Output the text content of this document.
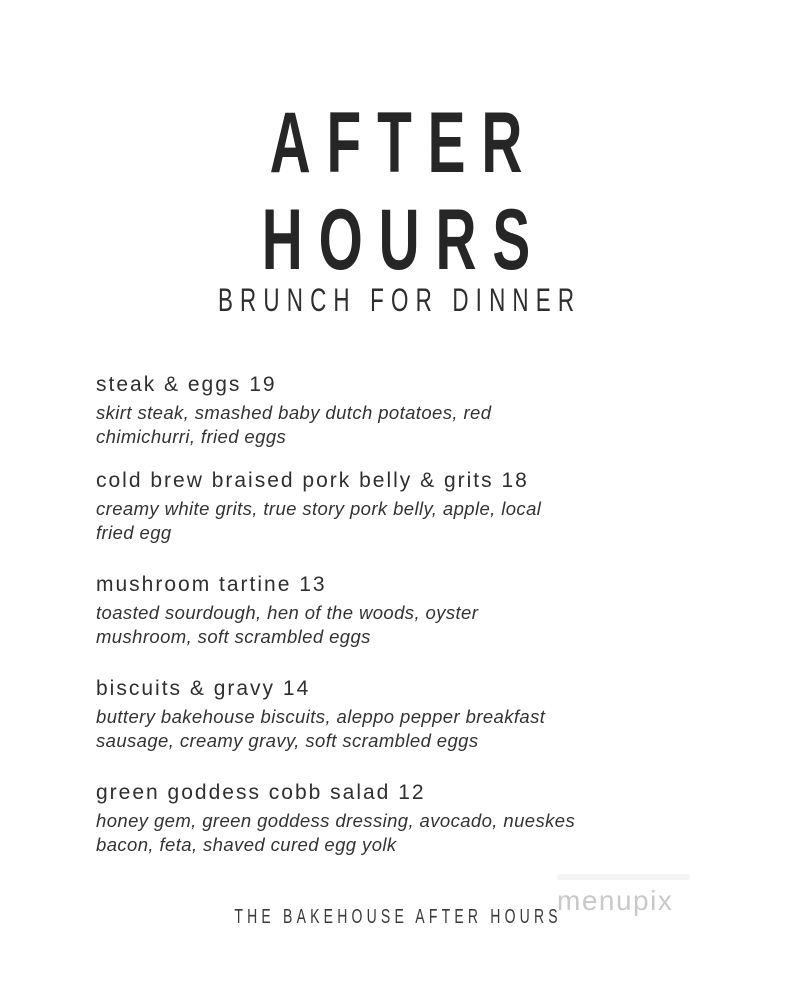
AFTER
HOURS
BRUNCH FOR DINNER
steak & eggs 19
skirt steak, smashed baby dutch potatoes, red
chimichurri, fried eggs
cold brew braised pork belly & grits 18
creamy white grits, true story pork belly, apple, local
fried egg
mushroom tartine 13
toasted sourdough, hen of the woods, oyster
mushroom, soft scrambled eggs
biscuits & gravy 14
buttery bakehouse biscuits, aleppo pepper breakfast
sausage, creamy gravy, soft scrambled eggs
green goddess cobb salad 12
honey gem, green goddess dressing, avocado, nueskes
bacon, feta, shaved cured egg yolk
menupix
THE BAKEHOUSE AFTER HOURS
